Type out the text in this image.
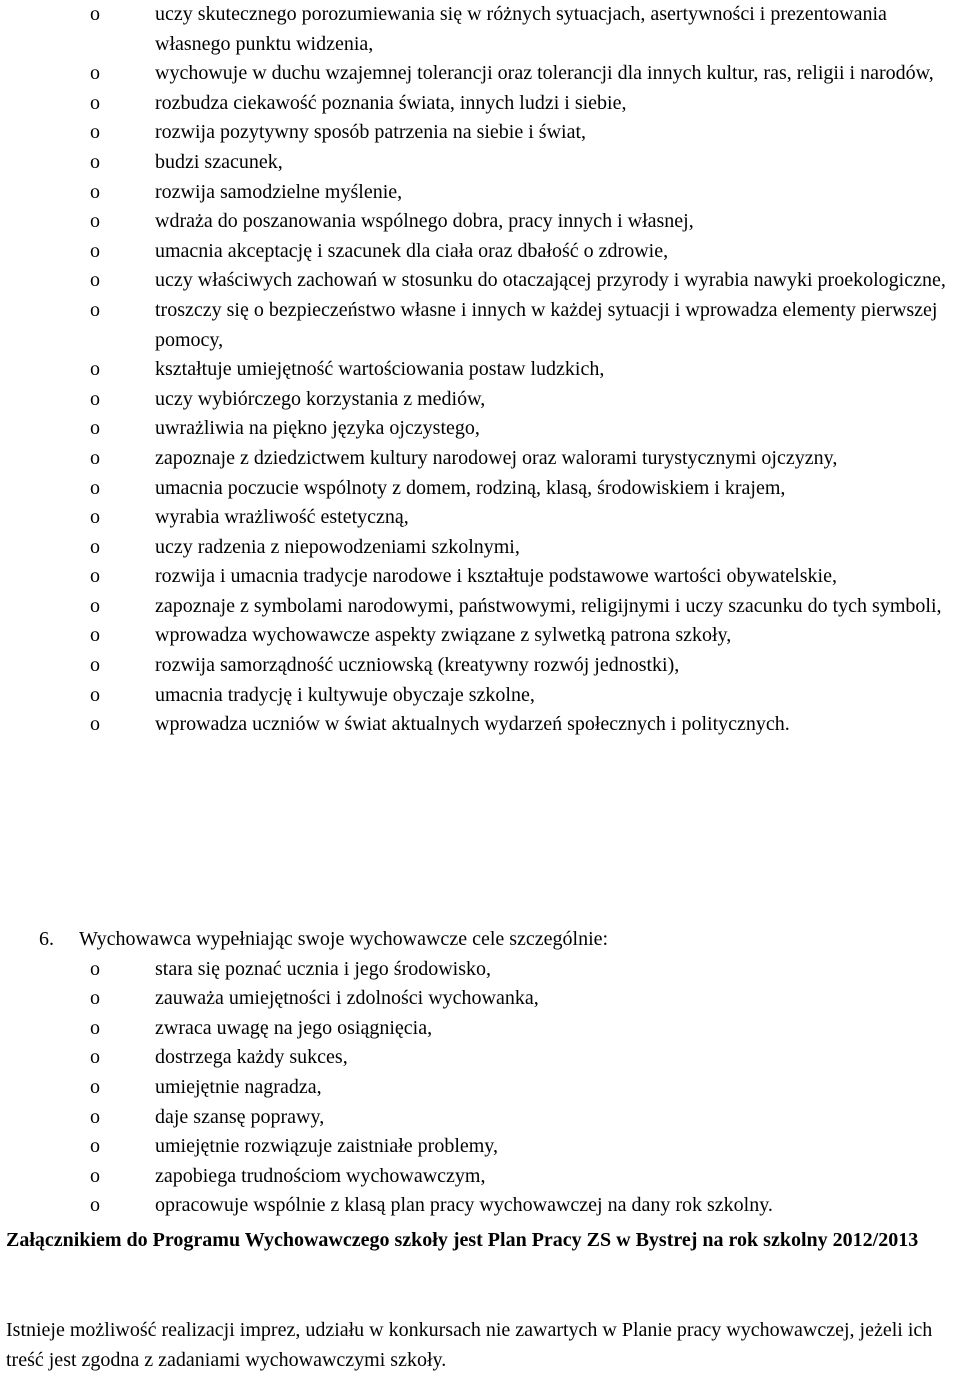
o	uczy skutecznego porozumiewania się w różnych sytuacjach, asertywności i prezentowania własnego punktu widzenia,
o	wychowuje w duchu wzajemnej tolerancji oraz tolerancji dla innych kultur, ras, religii i narodów,
o	rozbudza ciekawość poznania świata, innych ludzi i siebie,
o	rozwija pozytywny sposób patrzenia na siebie i świat,
o	budzi szacunek,
o	rozwija samodzielne myślenie,
o	wdraża do poszanowania wspólnego dobra, pracy innych i własnej,
o	umacnia akceptację i szacunek dla ciała oraz dbałość o zdrowie,
o	uczy właściwych zachowań w stosunku do otaczającej przyrody i wyrabia nawyki proekologiczne,
o	troszczy się o bezpieczeństwo własne i innych w każdej sytuacji i wprowadza elementy pierwszej pomocy,
o	kształtuje umiejętność wartościowania postaw ludzkich,
o	uczy wybiórczego korzystania z mediów,
o	uwrażliwia na piękno języka ojczystego,
o	zapoznaje z dziedzictwem kultury narodowej oraz walorami turystycznymi ojczyzny,
o	umacnia poczucie wspólnoty z domem, rodziną, klasą, środowiskiem i krajem,
o	wyrabia wrażliwość estetyczną,
o	uczy radzenia z niepowodzeniami szkolnymi,
o	rozwija i umacnia tradycje narodowe i kształtuje podstawowe wartości obywatelskie,
o	zapoznaje z symbolami narodowymi, państwowymi, religijnymi i uczy szacunku do tych symboli,
o	wprowadza wychowawcze aspekty związane z sylwetką patrona szkoły,
o	rozwija samorządność uczniowską (kreatywny rozwój jednostki),
o	umacnia tradycję i kultywuje obyczaje szkolne,
o	wprowadza uczniów w świat aktualnych wydarzeń społecznych i politycznych.

6. Wychowawca wypełniając swoje wychowawcze cele szczególnie:

o	stara się poznać ucznia i jego środowisko,
o	zauważa umiejętności i zdolności wychowanka,
o	zwraca uwagę na jego osiągnięcia,
o	dostrzega każdy sukces,
o	umiejętnie nagradza,
o	daje szansę poprawy,
o	umiejętnie rozwiązuje zaistniałe problemy,
o	zapobiega trudnościom wychowawczym,
o	opracowuje wspólnie z klasą plan pracy wychowawczej na dany rok szkolny.

Załącznikiem do Programu Wychowawczego szkoły jest Plan Pracy ZS w Bystrej na rok szkolny 2012/2013

Istnieje możliwość realizacji imprez, udziału w konkursach nie zawartych w Planie pracy wychowawczej, jeżeli ich treść jest zgodna z zadaniami wychowawczymi szkoły.
